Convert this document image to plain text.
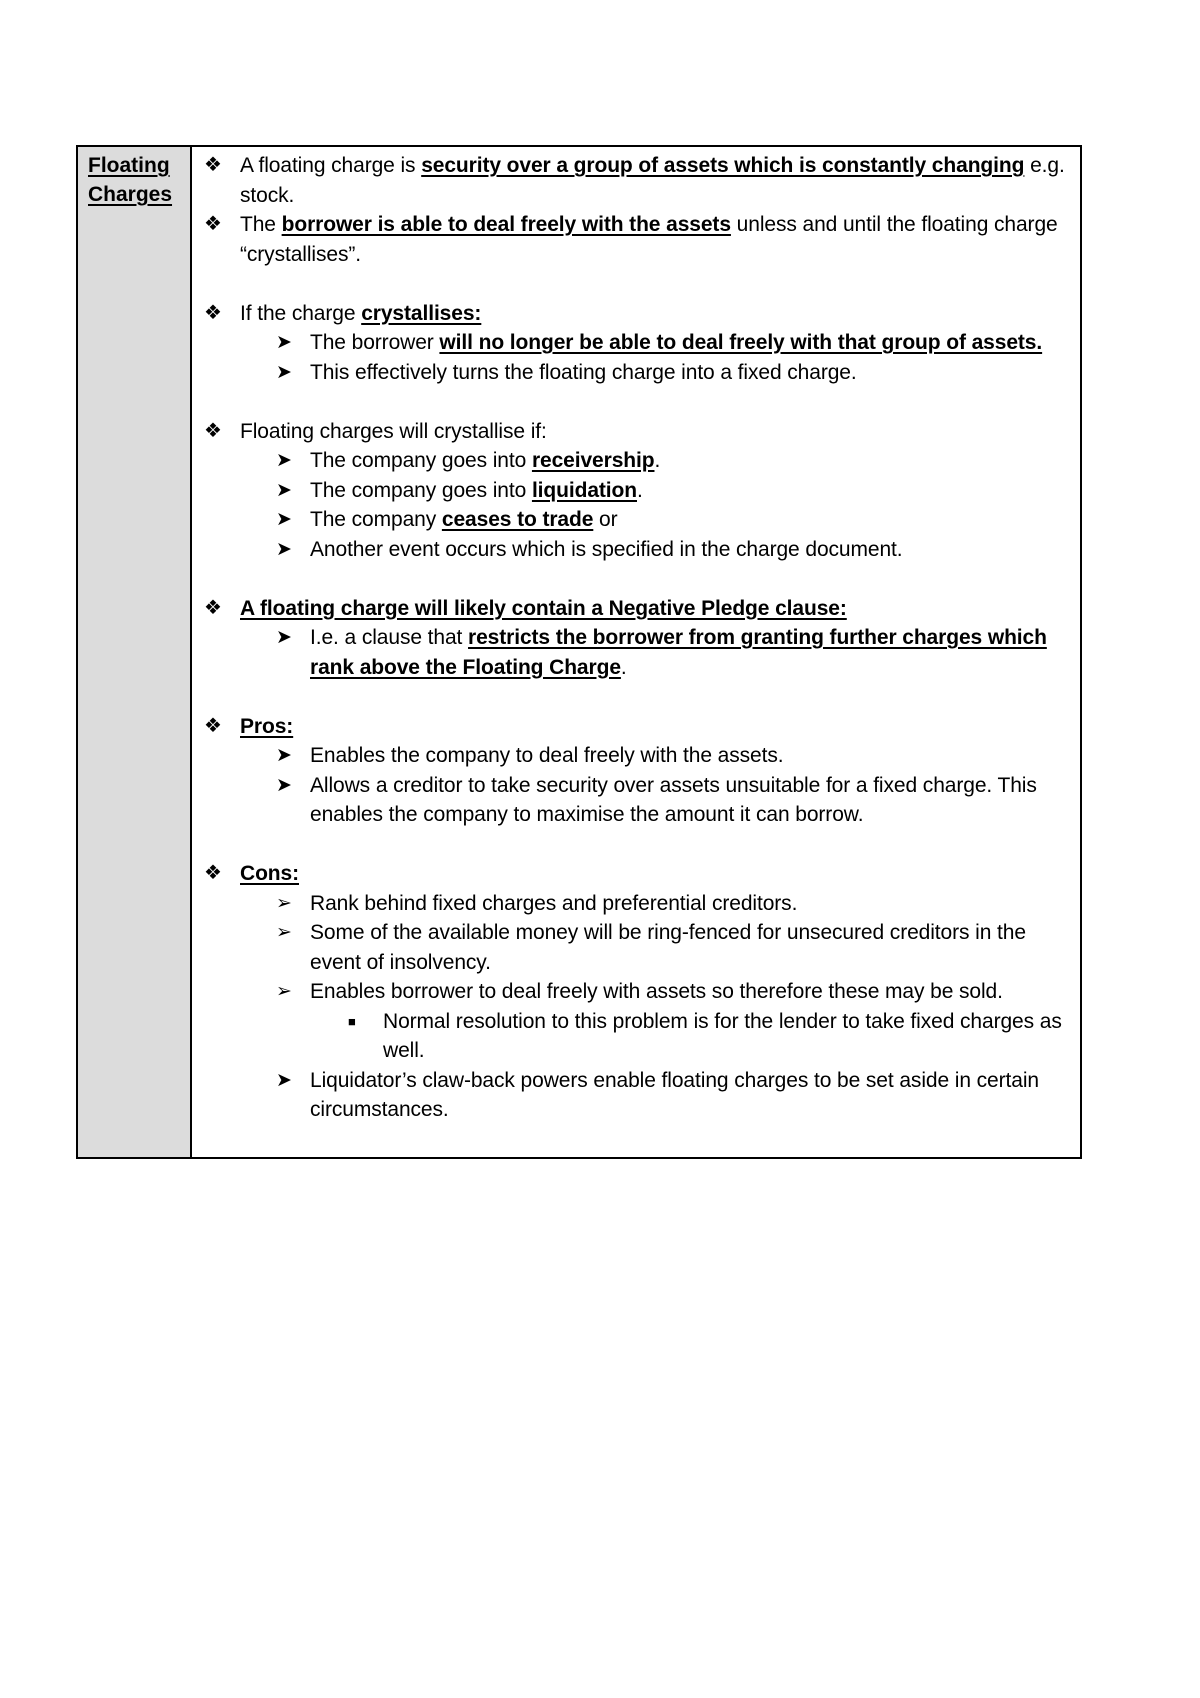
Floating
Charges
❖ A floating charge is security over a group of assets which is constantly changing e.g. stock.
❖ The borrower is able to deal freely with the assets unless and until the floating charge “crystallises”.
❖ If the charge crystallises:
➤ The borrower will no longer be able to deal freely with that group of assets.
➤ This effectively turns the floating charge into a fixed charge.
❖ Floating charges will crystallise if:
➤ The company goes into receivership.
➤ The company goes into liquidation.
➤ The company ceases to trade or
➤ Another event occurs which is specified in the charge document.
❖ A floating charge will likely contain a Negative Pledge clause:
➤ I.e. a clause that restricts the borrower from granting further charges which rank above the Floating Charge.
❖ Pros:
➤ Enables the company to deal freely with the assets.
➤ Allows a creditor to take security over assets unsuitable for a fixed charge. This enables the company to maximise the amount it can borrow.
❖ Cons:
➢ Rank behind fixed charges and preferential creditors.
➢ Some of the available money will be ring-fenced for unsecured creditors in the event of insolvency.
➢ Enables borrower to deal freely with assets so therefore these may be sold.
■	Normal resolution to this problem is for the lender to take fixed charges as well.
➤ Liquidator’s claw-back powers enable floating charges to be set aside in certain circumstances.
